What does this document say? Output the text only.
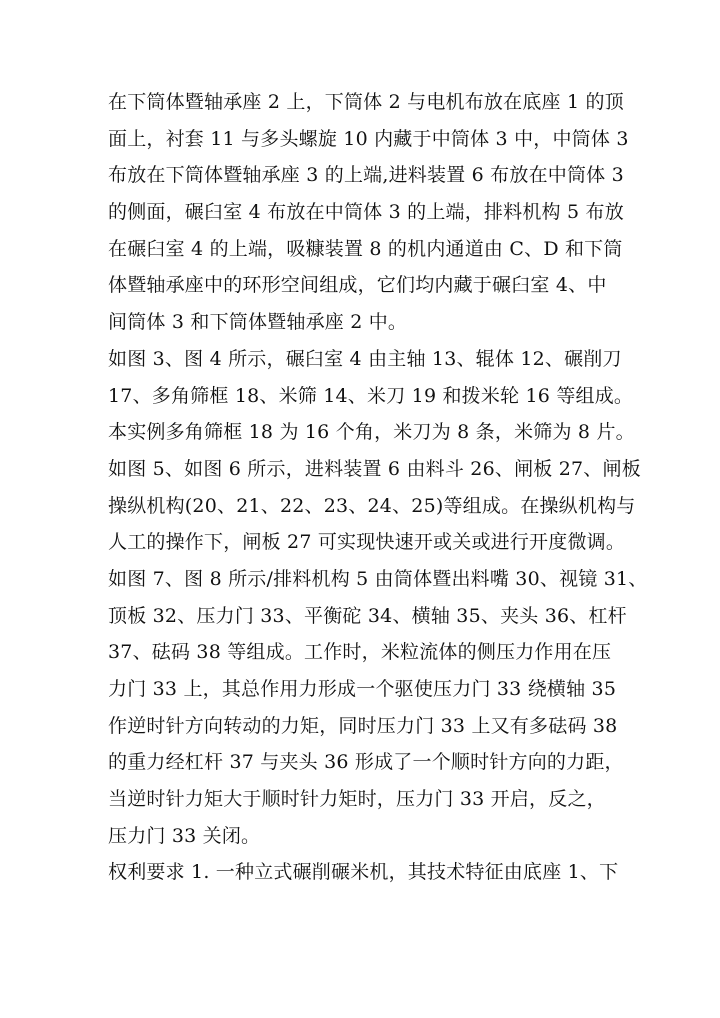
在下筒体暨轴承座 2 上，下筒体 2 与电机布放在底座 1 的顶
面上，衬套 11 与多头螺旋 10 内藏于中筒体 3 中，中筒体 3
布放在下筒体暨轴承座 3 的上端,进料装置 6 布放在中筒体 3
的侧面，碾臼室 4 布放在中筒体 3 的上端，排料机构 5 布放
在碾臼室 4 的上端，吸糠装置 8 的机内通道由 C、D 和下筒
体暨轴承座中的环形空间组成，它们均内藏于碾臼室 4、中
间筒体 3 和下筒体暨轴承座 2 中。
如图 3、图 4 所示，碾臼室 4 由主轴 13、辊体 12、碾削刀
17、多角筛框 18、米筛 14、米刀 19 和拨米轮 16 等组成。
本实例多角筛框 18 为 16 个角，米刀为 8 条，米筛为 8 片。
如图 5、如图 6 所示，进料装置 6 由料斗 26、闸板 27、闸板
操纵机构(20、21、22、23、24、25)等组成。在操纵机构与
人工的操作下，闸板 27 可实现快速开或关或进行开度微调。
如图 7、图 8 所示/排料机构 5 由筒体暨出料嘴 30、视镜 31、
顶板 32、压力门 33、平衡砣 34、横轴 35、夹头 36、杠杆
37、砝码 38 等组成。工作时，米粒流体的侧压力作用在压
力门 33 上，其总作用力形成一个驱使压力门 33 绕横轴 35
作逆时针方向转动的力矩，同时压力门 33 上又有多砝码 38
的重力经杠杆 37 与夹头 36 形成了一个顺时针方向的力距，
当逆时针力矩大于顺时针力矩时，压力门 33 开启，反之，
压力门 33 关闭。
权利要求 1. 一种立式碾削碾米机，其技术特征由底座 1、下
